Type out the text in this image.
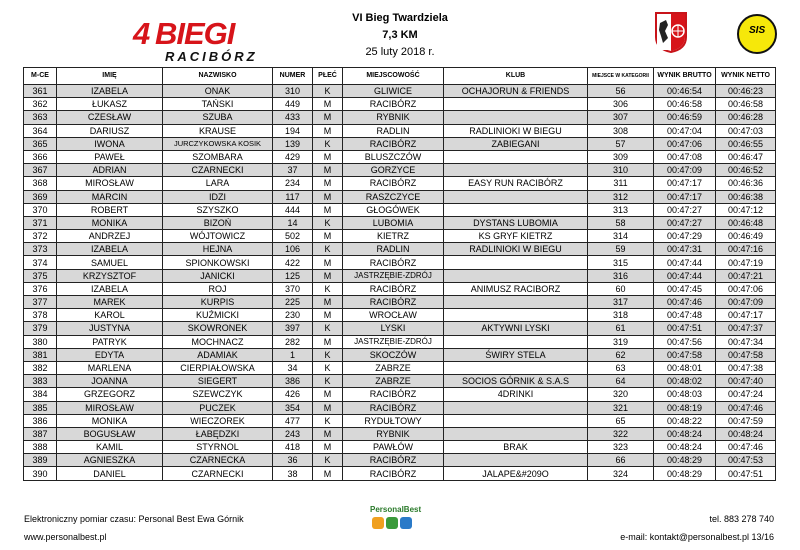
4 BIEGI
RACIBÓRZ
VI Bieg Twardziela
7,3 KM
25 luty 2018 r.
SIS
M-CE	IMIĘ	NAZWISKO	NUMER	PŁEĆ	MIEJSCOWOŚĆ	KLUB	MIEJSCE W KATEGORII	WYNIK BRUTTO	WYNIK NETTO
361	IZABELA	ONAK	310	K	GLIWICE	OCHAJORUN & FRIENDS	56	00:46:54	00:46:23
362	ŁUKASZ	TAŃSKI	449	M	RACIBÓRZ		306	00:46:58	00:46:58
363	CZESŁAW	SZUBA	433	M	RYBNIK		307	00:46:59	00:46:28
364	DARIUSZ	KRAUSE	194	M	RADLIN	RADLINIOKI W BIEGU	308	00:47:04	00:47:03
365	IWONA	JURCZYKOWSKA KOSIK	139	K	RACIBÓRZ	ZABIEGANI	57	00:47:06	00:46:55
366	PAWEŁ	SZOMBARA	429	M	BLUSZCZÓW		309	00:47:08	00:46:47
367	ADRIAN	CZARNECKI	37	M	GORZYCE		310	00:47:09	00:46:52
368	MIROSŁAW	LARA	234	M	RACIBÓRZ	EASY RUN RACIBÓRZ	311	00:47:17	00:46:36
369	MARCIN	IDZI	117	M	RASZCZYCE		312	00:47:17	00:46:38
370	ROBERT	SZYSZKO	444	M	GŁOGÓWEK		313	00:47:27	00:47:12
371	MONIKA	BIZOŃ	14	K	LUBOMIA	DYSTANS LUBOMIA	58	00:47:27	00:46:48
372	ANDRZEJ	WÓJTOWICZ	502	M	KIETRZ	KS GRYF KIETRZ	314	00:47:29	00:46:49
373	IZABELA	HEJNA	106	K	RADLIN	RADLINIOKI W BIEGU	59	00:47:31	00:47:16
374	SAMUEL	SPIONKOWSKI	422	M	RACIBÓRZ		315	00:47:44	00:47:19
375	KRZYSZTOF	JANICKI	125	M	JASTRZĘBIE-ZDRÓJ		316	00:47:44	00:47:21
376	IZABELA	ROJ	370	K	RACIBÓRZ	ANIMUSZ RACIBORZ	60	00:47:45	00:47:06
377	MAREK	KURPIS	225	M	RACIBÓRZ		317	00:47:46	00:47:09
378	KAROL	KUŹMICKI	230	M	WROCŁAW		318	00:47:48	00:47:17
379	JUSTYNA	SKOWRONEK	397	K	LYSKI	AKTYWNI LYSKI	61	00:47:51	00:47:37
380	PATRYK	MOCHNACZ	282	M	JASTRZĘBIE-ZDRÓJ		319	00:47:56	00:47:34
381	EDYTA	ADAMIAK	1	K	SKOCZÓW	ŚWIRY STELA	62	00:47:58	00:47:58
382	MARLENA	CIERPIAŁOWSKA	34	K	ZABRZE		63	00:48:01	00:47:38
383	JOANNA	SIEGERT	386	K	ZABRZE	SOCIOS GÓRNIK & S.A.S	64	00:48:02	00:47:40
384	GRZEGORZ	SZEWCZYK	426	M	RACIBÓRZ	4DRINKI	320	00:48:03	00:47:24
385	MIROSŁAW	PUCZEK	354	M	RACIBÓRZ		321	00:48:19	00:47:46
386	MONIKA	WIECZOREK	477	K	RYDUŁTOWY		65	00:48:22	00:47:59
387	BOGUSŁAW	ŁABĘDZKI	243	M	RYBNIK		322	00:48:24	00:48:24
388	KAMIL	STYRNOL	418	M	PAWŁÓW	BRAK	323	00:48:24	00:47:46
389	AGNIESZKA	CZARNECKA	36	K	RACIBÓRZ		66	00:48:29	00:47:53
390	DANIEL	CZARNECKI	38	M	RACIBÓRZ	JALAPE&#209O	324	00:48:29	00:47:51
Elektroniczny pomiar czasu: Personal Best Ewa Górnik
www.personalbest.pl
PersonalBest
tel. 883 278 740
e-mail: kontakt@personalbest.pl 13/16
